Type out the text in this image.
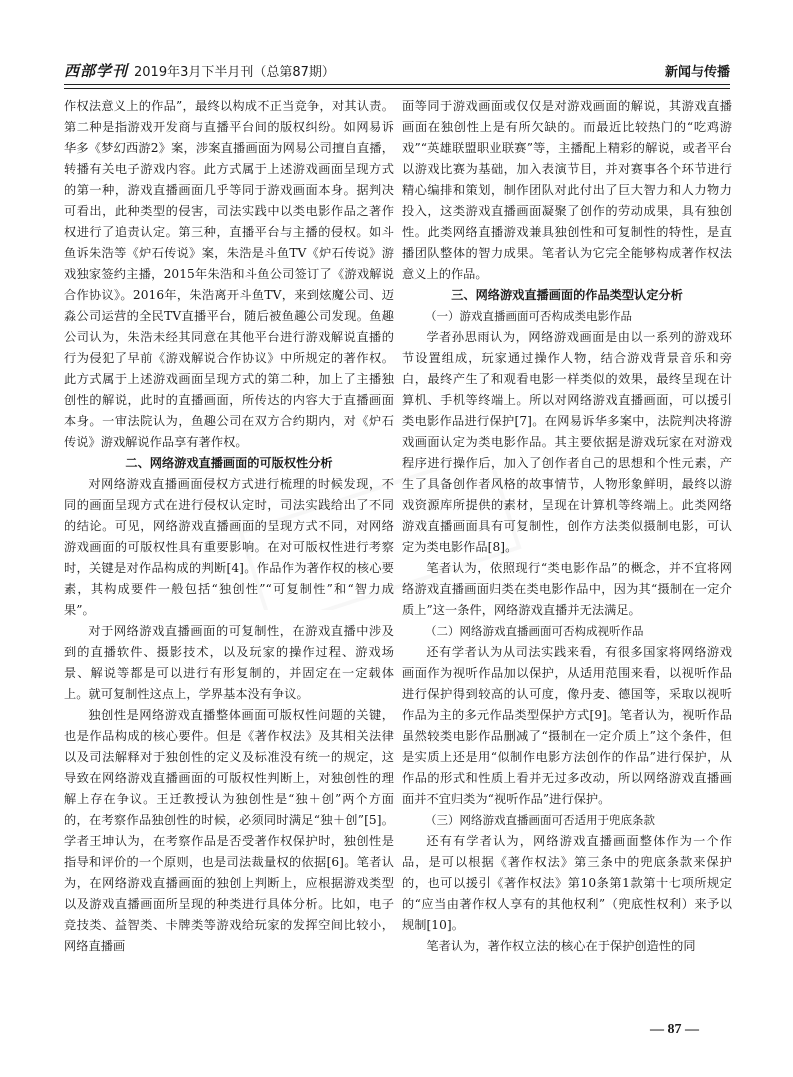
西部学刊 2019年3月下半月刊（总第87期）	新闻与传播

作权法意义上的作品”，最终以构成不正当竞争，对其认责。第二种是指游戏开发商与直播平台间的版权纠纷。如网易诉华多《梦幻西游2》案，涉案直播画面为网易公司擅自直播，转播有关电子游戏内容。此方式属于上述游戏画面呈现方式的第一种，游戏直播画面几乎等同于游戏画面本身。据判决可看出，此种类型的侵害，司法实践中以类电影作品之著作权进行了追责认定。第三种，直播平台与主播的侵权。如斗鱼诉朱浩等《炉石传说》案，朱浩是斗鱼TV《炉石传说》游戏独家签约主播，2015年朱浩和斗鱼公司签订了《游戏解说合作协议》。2016年，朱浩离开斗鱼TV，来到炫魔公司、迈淼公司运营的全民TV直播平台，随后被鱼趣公司发现。鱼趣公司认为，朱浩未经其同意在其他平台进行游戏解说直播的行为侵犯了早前《游戏解说合作协议》中所规定的著作权。此方式属于上述游戏画面呈现方式的第二种，加上了主播独创性的解说，此时的直播画面，所传达的内容大于直播画面本身。一审法院认为，鱼趣公司在双方合约期内，对《炉石传说》游戏解说作品享有著作权。

二、网络游戏直播画面的可版权性分析

对网络游戏直播画面侵权方式进行梳理的时候发现，不同的画面呈现方式在进行侵权认定时，司法实践给出了不同的结论。可见，网络游戏直播画面的呈现方式不同，对网络游戏画面的可版权性具有重要影响。在对可版权性进行考察时，关键是对作品构成的判断[4]。作品作为著作权的核心要素，其构成要件一般包括“独创性”“可复制性”和“智力成果”。

对于网络游戏直播画面的可复制性，在游戏直播中涉及到的直播软件、摄影技术，以及玩家的操作过程、游戏场景、解说等都是可以进行有形复制的，并固定在一定载体上。就可复制性这点上，学界基本没有争议。

独创性是网络游戏直播整体画面可版权性问题的关键，也是作品构成的核心要件。但是《著作权法》及其相关法律以及司法解释对于独创性的定义及标准没有统一的规定，这导致在网络游戏直播画面的可版权性判断上，对独创性的理解上存在争议。王迁教授认为独创性是“独＋创”两个方面的，在考察作品独创性的时候，必须同时满足“独＋创”[5]。学者王坤认为，在考察作品是否受著作权保护时，独创性是指导和评价的一个原则，也是司法裁量权的依据[6]。笔者认为，在网络游戏直播画面的独创上判断上，应根据游戏类型以及游戏直播画面所呈现的种类进行具体分析。比如，电子竞技类、益智类、卡牌类等游戏给玩家的发挥空间比较小，网络直播画

面等同于游戏画面或仅仅是对游戏画面的解说，其游戏直播画面在独创性上是有所欠缺的。而最近比较热门的“吃鸡游戏”“英雄联盟职业联赛”等，主播配上精彩的解说，或者平台以游戏比赛为基础，加入表演节目，并对赛事各个环节进行精心编排和策划，制作团队对此付出了巨大智力和人力物力投入，这类游戏直播画面凝聚了创作的劳动成果，具有独创性。此类网络直播游戏兼具独创性和可复制性的特性，是直播团队整体的智力成果。笔者认为它完全能够构成著作权法意义上的作品。

三、网络游戏直播画面的作品类型认定分析
（一）游戏直播画面可否构成类电影作品

学者孙思雨认为，网络游戏画面是由以一系列的游戏环节设置组成，玩家通过操作人物，结合游戏背景音乐和旁白，最终产生了和观看电影一样类似的效果，最终呈现在计算机、手机等终端上。所以对网络游戏直播画面，可以援引类电影作品进行保护[7]。在网易诉华多案中，法院判决将游戏画面认定为类电影作品。其主要依据是游戏玩家在对游戏程序进行操作后，加入了创作者自己的思想和个性元素，产生了具备创作者风格的故事情节，人物形象鲜明，最终以游戏资源库所提供的素材，呈现在计算机等终端上。此类网络游戏直播画面具有可复制性，创作方法类似摄制电影，可认定为类电影作品[8]。

笔者认为，依照现行“类电影作品”的概念，并不宜将网络游戏直播画面归类在类电影作品中，因为其“摄制在一定介质上”这一条件，网络游戏直播并无法满足。

（二）网络游戏直播画面可否构成视听作品

还有学者认为从司法实践来看，有很多国家将网络游戏画面作为视听作品加以保护，从适用范围来看，以视听作品进行保护得到较高的认可度，像丹麦、德国等，采取以视听作品为主的多元作品类型保护方式[9]。笔者认为，视听作品虽然较类电影作品删减了“摄制在一定介质上”这个条件，但是实质上还是用“似制作电影方法创作的作品”进行保护，从作品的形式和性质上看并无过多改动，所以网络游戏直播画面并不宜归类为“视听作品”进行保护。

（三）网络游戏直播画面可否适用于兜底条款

还有有学者认为，网络游戏直播画面整体作为一个作品，是可以根据《著作权法》第三条中的兜底条款来保护的，也可以援引《著作权法》第10条第1款第十七项所规定的“应当由著作权人享有的其他权利”（兜底性权利）来予以规制[10]。

笔者认为，著作权立法的核心在于保护创造性的同

— 87 —
